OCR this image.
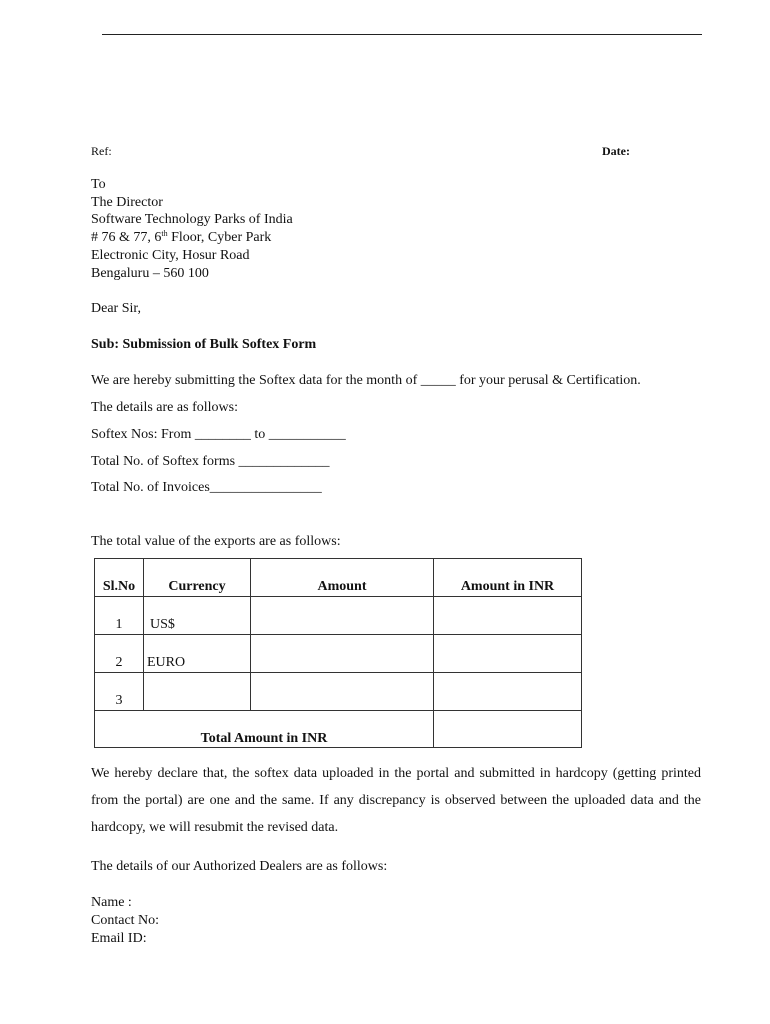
Ref:	Date:
To
The Director
Software Technology Parks of India
# 76 & 77, 6th Floor, Cyber Park
Electronic City, Hosur Road
Bengaluru – 560 100
Dear Sir,
Sub: Submission of Bulk Softex Form
We are hereby submitting the Softex data for the month of _____ for your perusal & Certification.
The details are as follows:
Softex Nos: From ________ to ___________
Total No. of Softex forms _____________
Total No. of Invoices________________
The total value of the exports are as follows:
Sl.No	Currency	Amount	Amount in INR
1	US$		
2	EURO		
3			
Total Amount in INR			
We hereby declare that, the softex data uploaded in the portal and submitted in hardcopy (getting printed from the portal) are one and the same. If any discrepancy is observed between the uploaded data and the hardcopy, we will resubmit the revised data.
The details of our Authorized Dealers are as follows:
Name :
Contact No:
Email ID:
